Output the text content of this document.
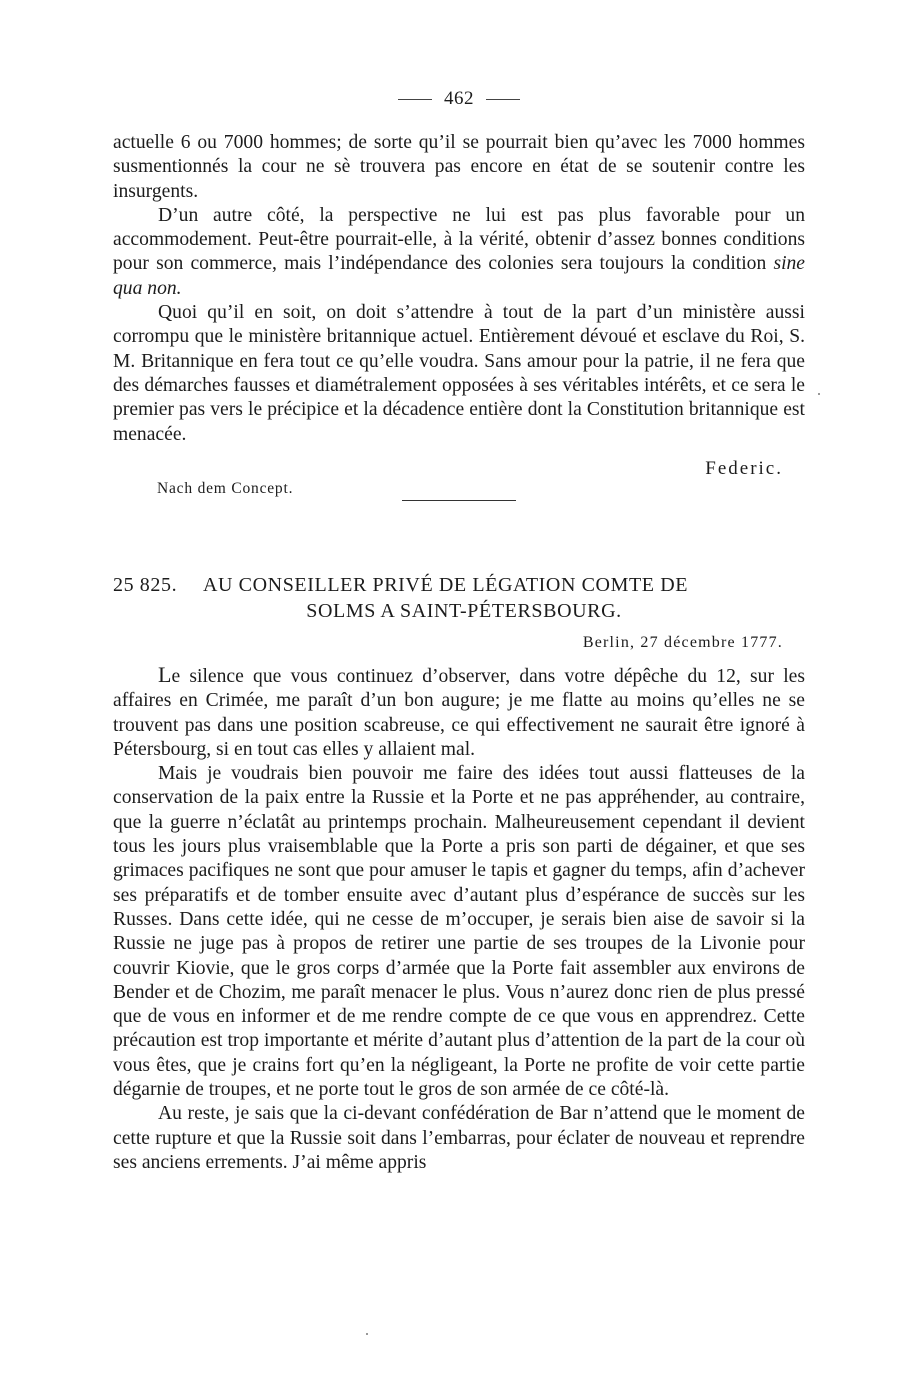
462

actuelle 6 ou 7000 hommes; de sorte qu’il se pourrait bien qu’avec les 7000 hommes susmentionnés la cour ne sè trouvera pas encore en état de se soutenir contre les insurgents.

D’un autre côté, la perspective ne lui est pas plus favorable pour un accommodement. Peut-être pourrait-elle, à la vérité, obtenir d’assez bonnes conditions pour son commerce, mais l’indépendance des colonies sera toujours la condition sine qua non.

Quoi qu’il en soit, on doit s’attendre à tout de la part d’un ministère aussi corrompu que le ministère britannique actuel. Entièrement dévoué et esclave du Roi, S. M. Britannique en fera tout ce qu’elle voudra. Sans amour pour la patrie, il ne fera que des démarches fausses et diamétralement opposées à ses véritables intérêts, et ce sera le premier pas vers le précipice et la décadence entière dont la Constitution britannique est menacée.

Federic.
Nach dem Concept.
25 825. AU CONSEILLER PRIVÉ DE LÉGATION COMTE DE
SOLMS A SAINT-PÉTERSBOURG.
Berlin, 27 décembre 1777.

Le silence que vous continuez d’observer, dans votre dépêche du 12, sur les affaires en Crimée, me paraît d’un bon augure; je me flatte au moins qu’elles ne se trouvent pas dans une position scabreuse, ce qui effectivement ne saurait être ignoré à Pétersbourg, si en tout cas elles y allaient mal.

Mais je voudrais bien pouvoir me faire des idées tout aussi flatteuses de la conservation de la paix entre la Russie et la Porte et ne pas appréhender, au contraire, que la guerre n’éclatât au printemps prochain. Malheureusement cependant il devient tous les jours plus vraisemblable que la Porte a pris son parti de dégainer, et que ses grimaces pacifiques ne sont que pour amuser le tapis et gagner du temps, afin d’achever ses préparatifs et de tomber ensuite avec d’autant plus d’espérance de succès sur les Russes. Dans cette idée, qui ne cesse de m’occuper, je serais bien aise de savoir si la Russie ne juge pas à propos de retirer une partie de ses troupes de la Livonie pour couvrir Kiovie, que le gros corps d’armée que la Porte fait assembler aux environs de Bender et de Chozim, me paraît menacer le plus. Vous n’aurez donc rien de plus pressé que de vous en informer et de me rendre compte de ce que vous en apprendrez. Cette précaution est trop importante et mérite d’autant plus d’attention de la part de la cour où vous êtes, que je crains fort qu’en la négligeant, la Porte ne profite de voir cette partie dégarnie de troupes, et ne porte tout le gros de son armée de ce côté-là.

Au reste, je sais que la ci-devant confédération de Bar n’attend que le moment de cette rupture et que la Russie soit dans l’embarras, pour éclater de nouveau et reprendre ses anciens errements. J’ai même appris
